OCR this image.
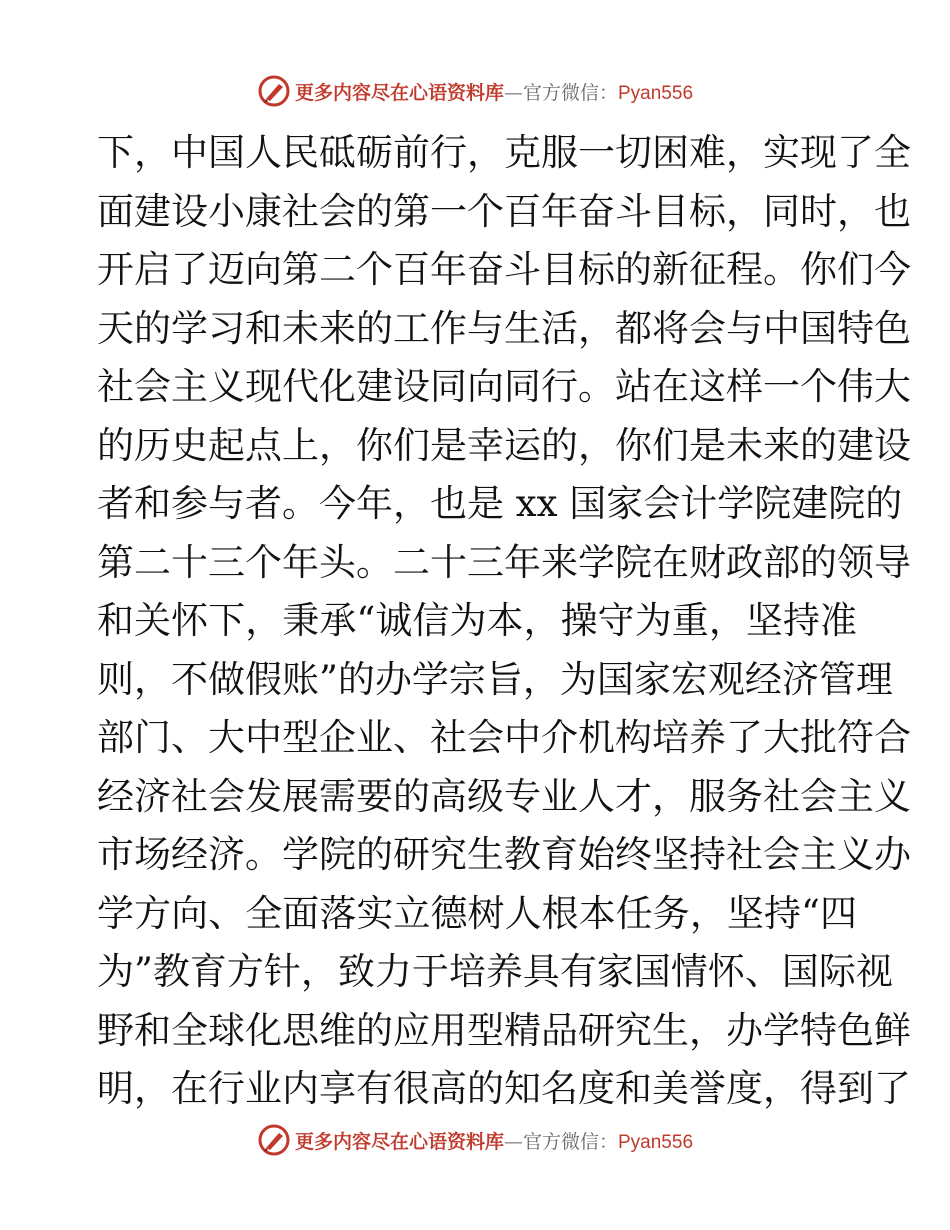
更多内容尽在心语资料库—官方微信：Pyan556
下，中国人民砥砺前行，克服一切困难，实现了全
面建设小康社会的第一个百年奋斗目标，同时，也
开启了迈向第二个百年奋斗目标的新征程。你们今
天的学习和未来的工作与生活，都将会与中国特色
社会主义现代化建设同向同行。站在这样一个伟大
的历史起点上，你们是幸运的，你们是未来的建设
者和参与者。今年，也是 xx 国家会计学院建院的
第二十三个年头。二十三年来学院在财政部的领导
和关怀下，秉承“诚信为本，操守为重，坚持准
则，不做假账”的办学宗旨，为国家宏观经济管理
部门、大中型企业、社会中介机构培养了大批符合
经济社会发展需要的高级专业人才，服务社会主义
市场经济。学院的研究生教育始终坚持社会主义办
学方向、全面落实立德树人根本任务，坚持“四
为”教育方针，致力于培养具有家国情怀、国际视
野和全球化思维的应用型精品研究生，办学特色鲜
明，在行业内享有很高的知名度和美誉度，得到了
更多内容尽在心语资料库—官方微信：Pyan556
